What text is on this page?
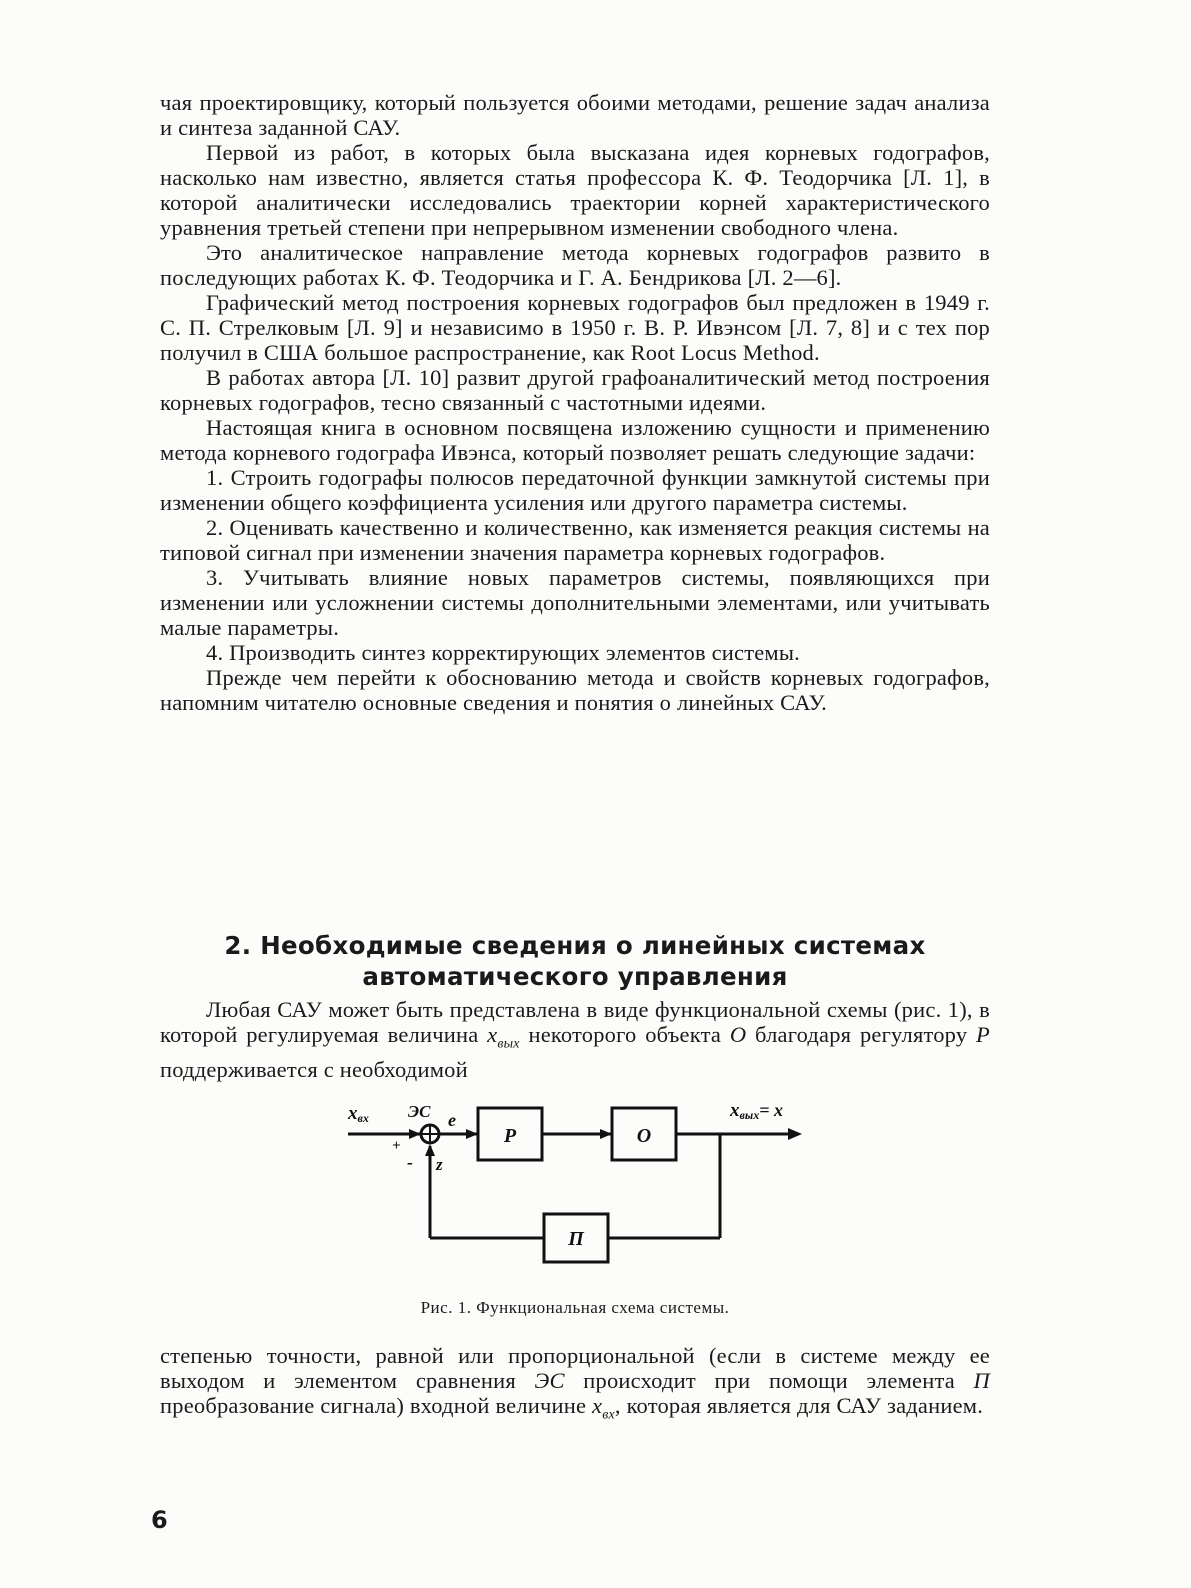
чая проектировщику, который пользуется обоими методами, решение задач анализа и синтеза заданной САУ.

Первой из работ, в которых была высказана идея корневых годографов, насколько нам известно, является статья профессора К. Ф. Теодорчика [Л. 1], в которой аналитически исследовались траектории корней характеристического уравнения третьей степени при непрерывном изменении свободного члена.

Это аналитическое направление метода корневых годографов развито в последующих работах К. Ф. Теодорчика и Г. А. Бендрикова [Л. 2—6].

Графический метод построения корневых годографов был предложен в 1949 г. С. П. Стрелковым [Л. 9] и независимо в 1950 г. В. Р. Ивэнсом [Л. 7, 8] и с тех пор получил в США большое распространение, как Root Locus Method.

В работах автора [Л. 10] развит другой графоаналитический метод построения корневых годографов, тесно связанный с частотными идеями.

Настоящая книга в основном посвящена изложению сущности и применению метода корневого годографа Ивэнса, который позволяет решать следующие задачи:

1. Строить годографы полюсов передаточной функции замкнутой системы при изменении общего коэффициента усиления или другого параметра системы.

2. Оценивать качественно и количественно, как изменяется реакция системы на типовой сигнал при изменении значения параметра корневых годографов.

3. Учитывать влияние новых параметров системы, появляющихся при изменении или усложнении системы дополнительными элементами, или учитывать малые параметры.

4. Производить синтез корректирующих элементов системы.

Прежде чем перейти к обоснованию метода и свойств корневых годографов, напомним читателю основные сведения и понятия о линейных САУ.

2. Необходимые сведения о линейных системах
автоматического управления

Любая САУ может быть представлена в виде функциональной схемы (рис. 1), в которой регулируемая величина $x_{вых}$ некоторого объекта О благодаря регулятору Р поддерживается с необходимой

xвх ЭС e
+
- z
xвых= x
Р	О
П
Рис. 1. Функциональная схема системы.

степенью точности, равной или пропорциональной (если в системе между ее выходом и элементом сравнения ЭС происходит при помощи элемента П преобразование сигнала) входной величине $x_{вх}$, которая является для САУ заданием.

6
